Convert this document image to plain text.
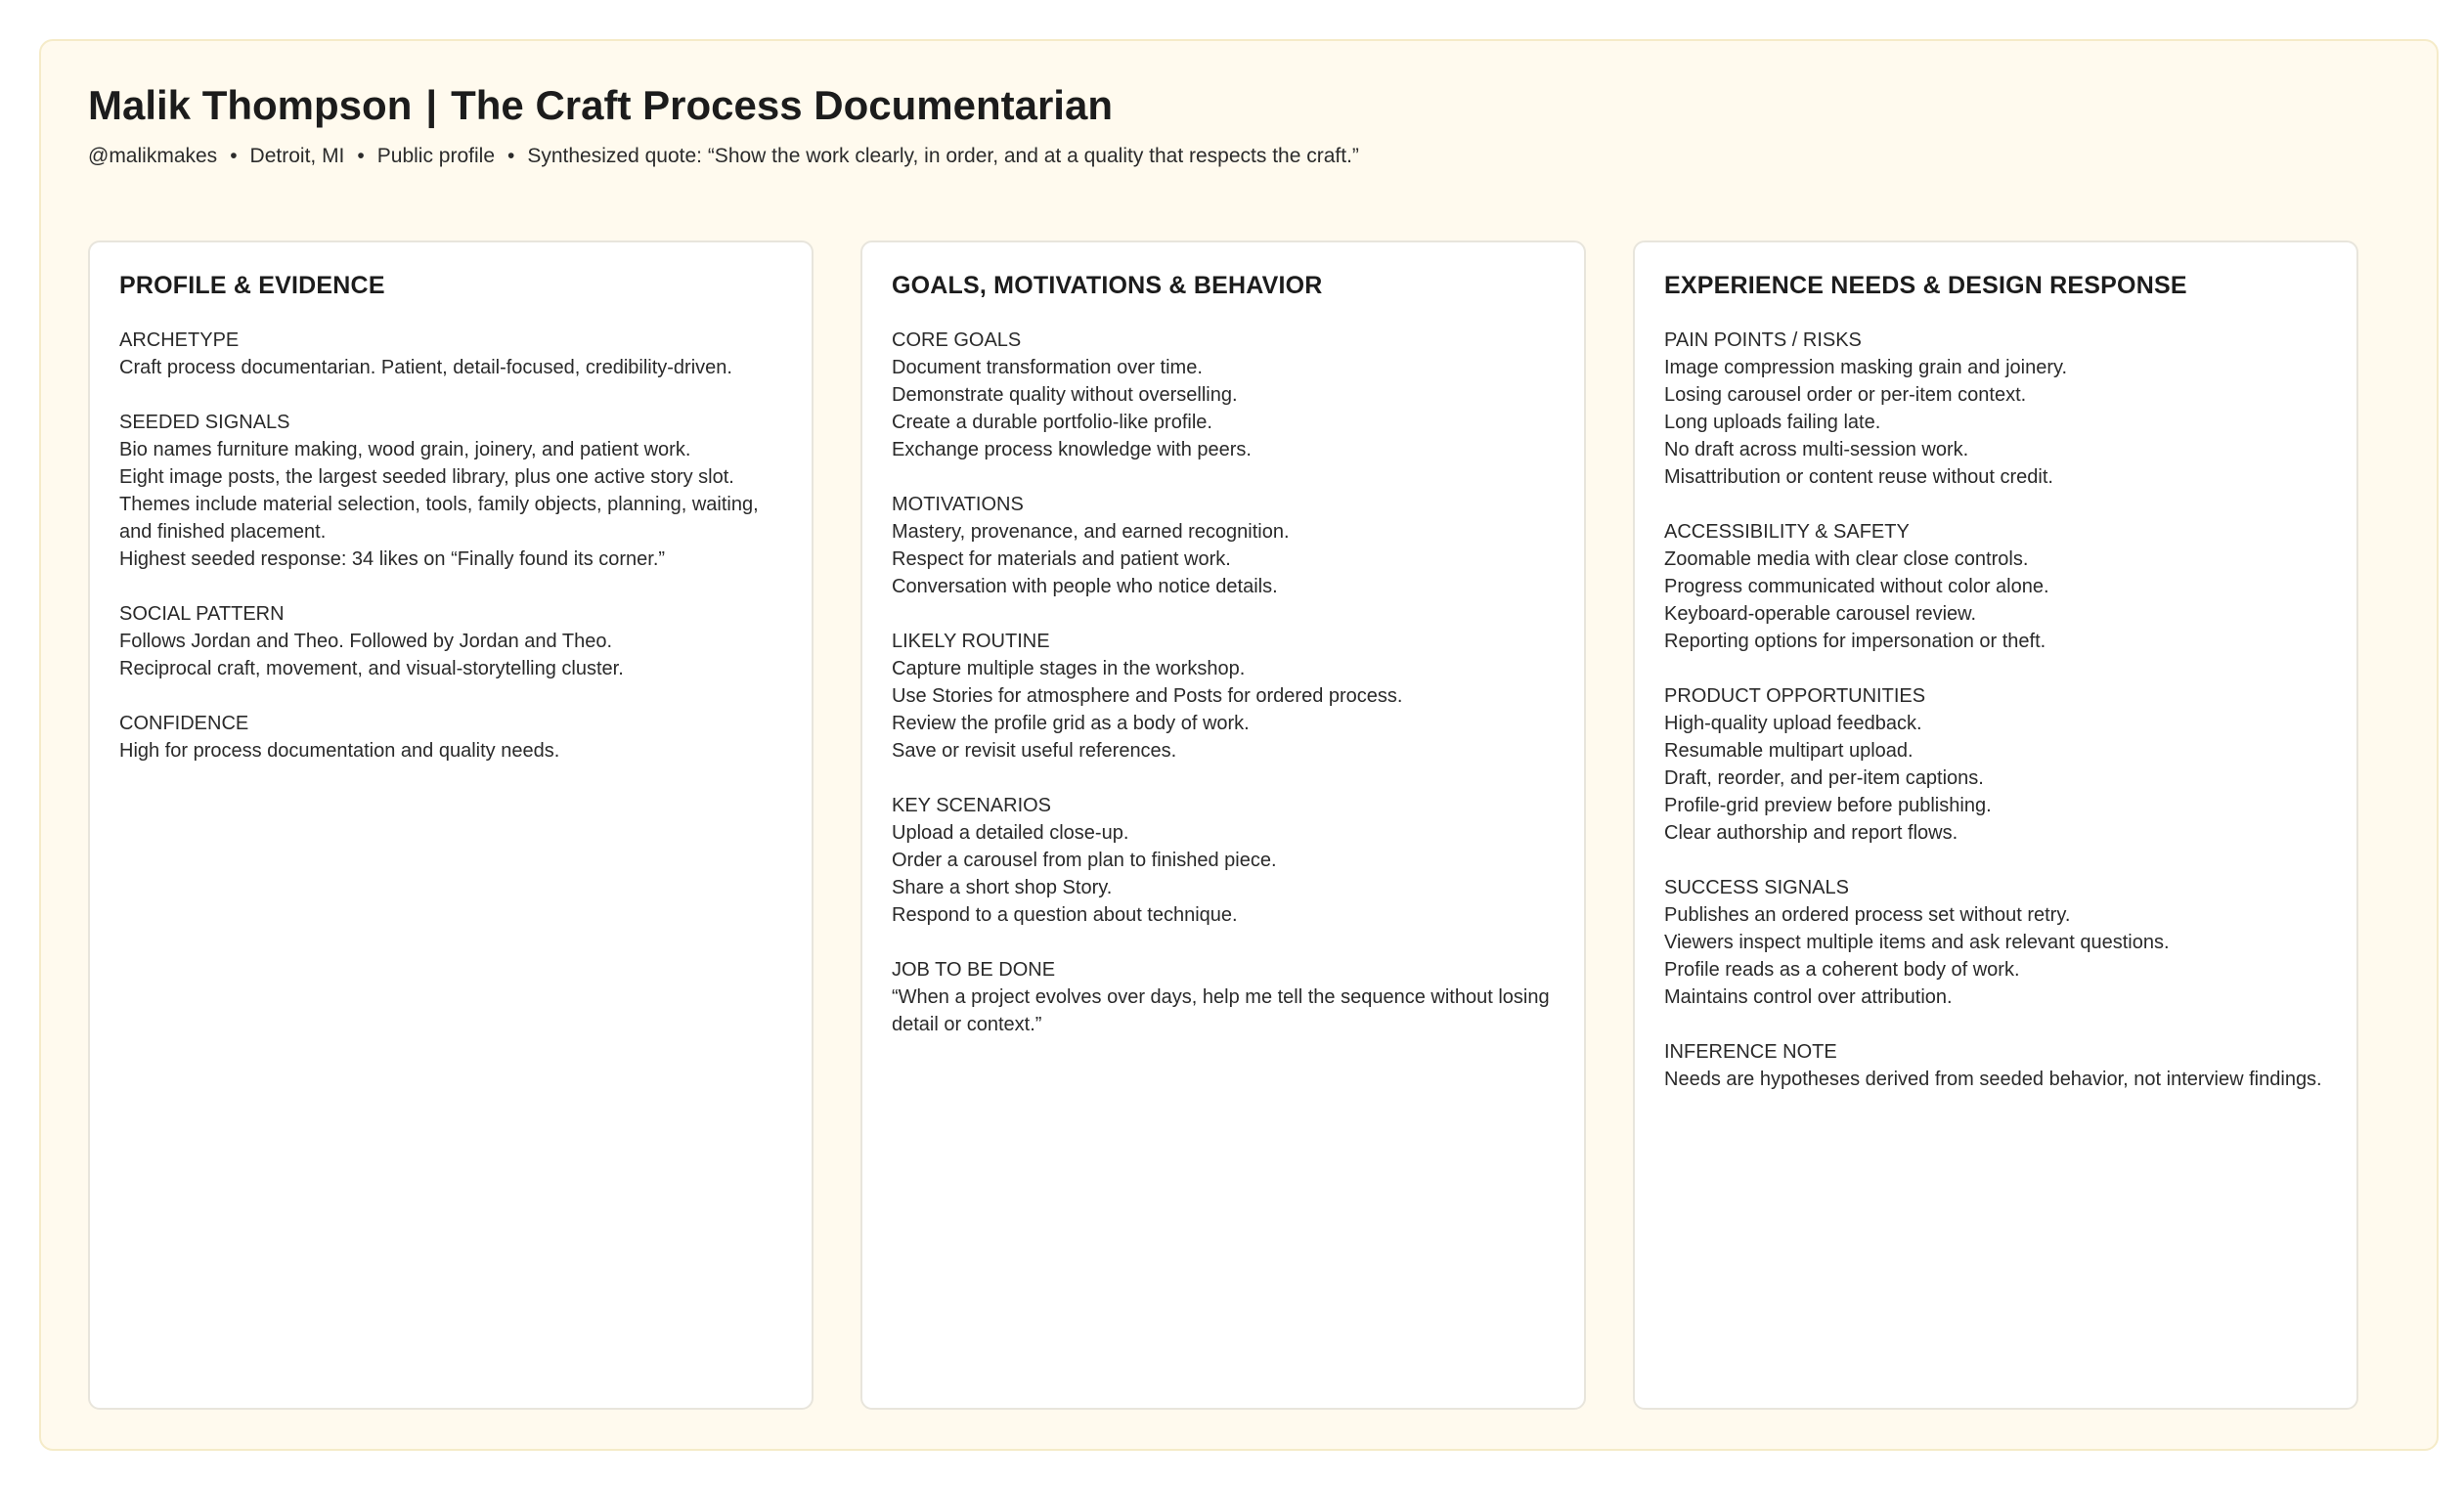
Malik Thompson | The Craft Process Documentarian
@malikmakes • Detroit, MI • Public profile • Synthesized quote: “Show the work clearly, in order, and at a quality that respects the craft.”
PROFILE & EVIDENCE
ARCHETYPE
Craft process documentarian. Patient, detail-focused, credibility-driven.
SEEDED SIGNALS
Bio names furniture making, wood grain, joinery, and patient work.
Eight image posts, the largest seeded library, plus one active story slot.
Themes include material selection, tools, family objects, planning, waiting, and finished placement.
Highest seeded response: 34 likes on “Finally found its corner.”
SOCIAL PATTERN
Follows Jordan and Theo. Followed by Jordan and Theo.
Reciprocal craft, movement, and visual-storytelling cluster.
CONFIDENCE
High for process documentation and quality needs.
GOALS, MOTIVATIONS & BEHAVIOR
CORE GOALS
Document transformation over time.
Demonstrate quality without overselling.
Create a durable portfolio-like profile.
Exchange process knowledge with peers.
MOTIVATIONS
Mastery, provenance, and earned recognition.
Respect for materials and patient work.
Conversation with people who notice details.
LIKELY ROUTINE
Capture multiple stages in the workshop.
Use Stories for atmosphere and Posts for ordered process.
Review the profile grid as a body of work.
Save or revisit useful references.
KEY SCENARIOS
Upload a detailed close-up.
Order a carousel from plan to finished piece.
Share a short shop Story.
Respond to a question about technique.
JOB TO BE DONE
“When a project evolves over days, help me tell the sequence without losing detail or context.”
EXPERIENCE NEEDS & DESIGN RESPONSE
PAIN POINTS / RISKS
Image compression masking grain and joinery.
Losing carousel order or per-item context.
Long uploads failing late.
No draft across multi-session work.
Misattribution or content reuse without credit.
ACCESSIBILITY & SAFETY
Zoomable media with clear close controls.
Progress communicated without color alone.
Keyboard-operable carousel review.
Reporting options for impersonation or theft.
PRODUCT OPPORTUNITIES
High-quality upload feedback.
Resumable multipart upload.
Draft, reorder, and per-item captions.
Profile-grid preview before publishing.
Clear authorship and report flows.
SUCCESS SIGNALS
Publishes an ordered process set without retry.
Viewers inspect multiple items and ask relevant questions.
Profile reads as a coherent body of work.
Maintains control over attribution.
INFERENCE NOTE
Needs are hypotheses derived from seeded behavior, not interview findings.
